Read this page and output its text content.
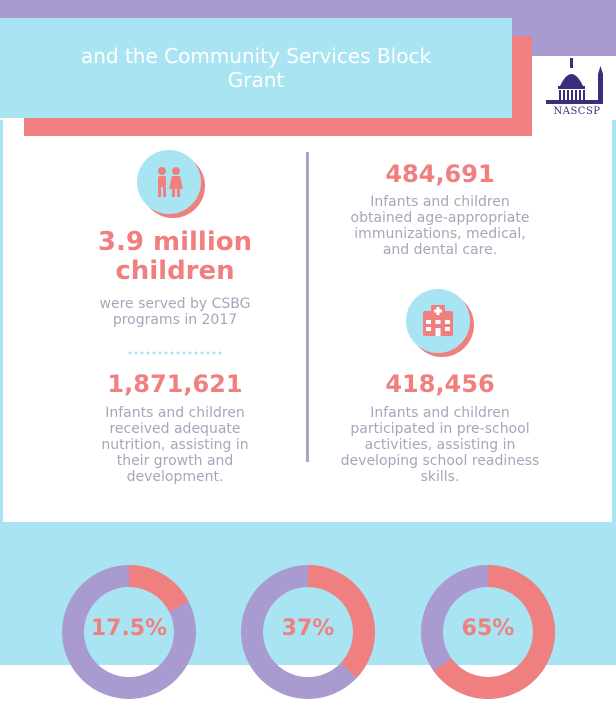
and the Community Services Block Grant
NASCSP
3.9 million
children
were served by CSBG programs in 2017
1,871,621
Infants and children received adequate nutrition, assisting in their growth and development.
484,691
Infants and children obtained age-appropriate immunizations, medical, and dental care.
418,456
Infants and children participated in pre-school activities, assisting in developing school readiness skills.
17.5%	37%	65%
